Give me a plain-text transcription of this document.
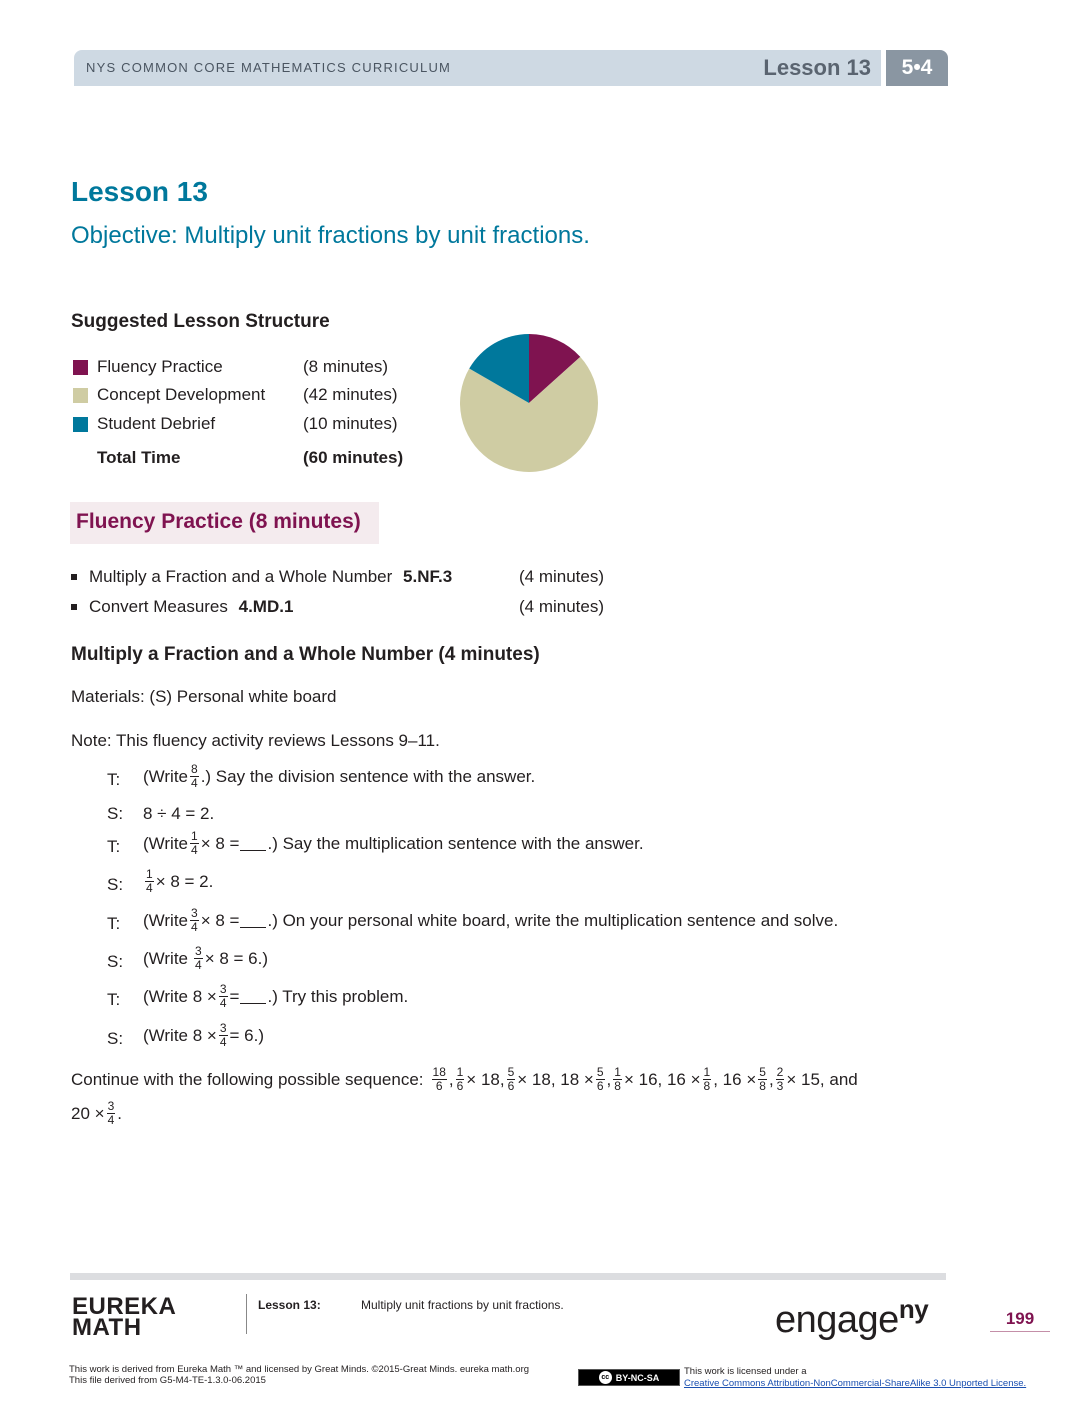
NYS COMMON CORE MATHEMATICS CURRICULUM	Lesson 13	5•4
Lesson 13
Objective: Multiply unit fractions by unit fractions.
Suggested Lesson Structure
Fluency Practice	(8 minutes)
Concept Development (42 minutes)
Student Debrief	(10 minutes)
Total Time	(60 minutes)
Fluency Practice (8 minutes)
Multiply a Fraction and a Whole Number 5.NF.3	(4 minutes)
Convert Measures 4.MD.1	(4 minutes)
Multiply a Fraction and a Whole Number (4 minutes)
Materials: (S) Personal white board
Note: This fluency activity reviews Lessons 9–11.
T: (Write $\frac{8}{4}$ .) Say the division sentence with the answer.
S: 8 ÷ 4 = 2.
T: (Write $\frac{1}{4} \times 8$ = .) Say the multiplication sentence with the answer.
S: $\frac{1}{4} \times 8 = 2$.
T: (Write $\frac{3}{4} \times 8$ = .) On your personal white board, write the multiplication sentence and solve.
S: (Write $\frac{3}{4} \times 8 = 6$.)
T: (Write $8 \times \frac{3}{4}$ = .) Try this problem.
S: (Write $8 \times \frac{3}{4} = 6$.)
Continue with the following possible sequence: $\frac{18}{6}$ , $\frac{1}{6} \times 18$, $\frac{5}{6} \times 18$, $18 \times \frac{5}{6}$ , $\frac{1}{8} \times 16$, $16 \times \frac{1}{8}$ , $16 \times \frac{5}{8}$ , $\frac{2}{3} \times 15$, and
$20 \times \frac{3}{4}$ .
EUREKA
MATH
Lesson 13:	Multiply unit fractions by unit fractions.	engage$^{ny}$	199
This work is derived from Eureka Math ™ and licensed by Great Minds. ©2015-Great Minds. eureka math.org
This file derived from G5-M4-TE-1.3.0-06.2015	cc BY-NC-SA
This work is licensed under a
Creative Commons Attribution-NonCommercial-ShareAlike 3.0 Unported License.
